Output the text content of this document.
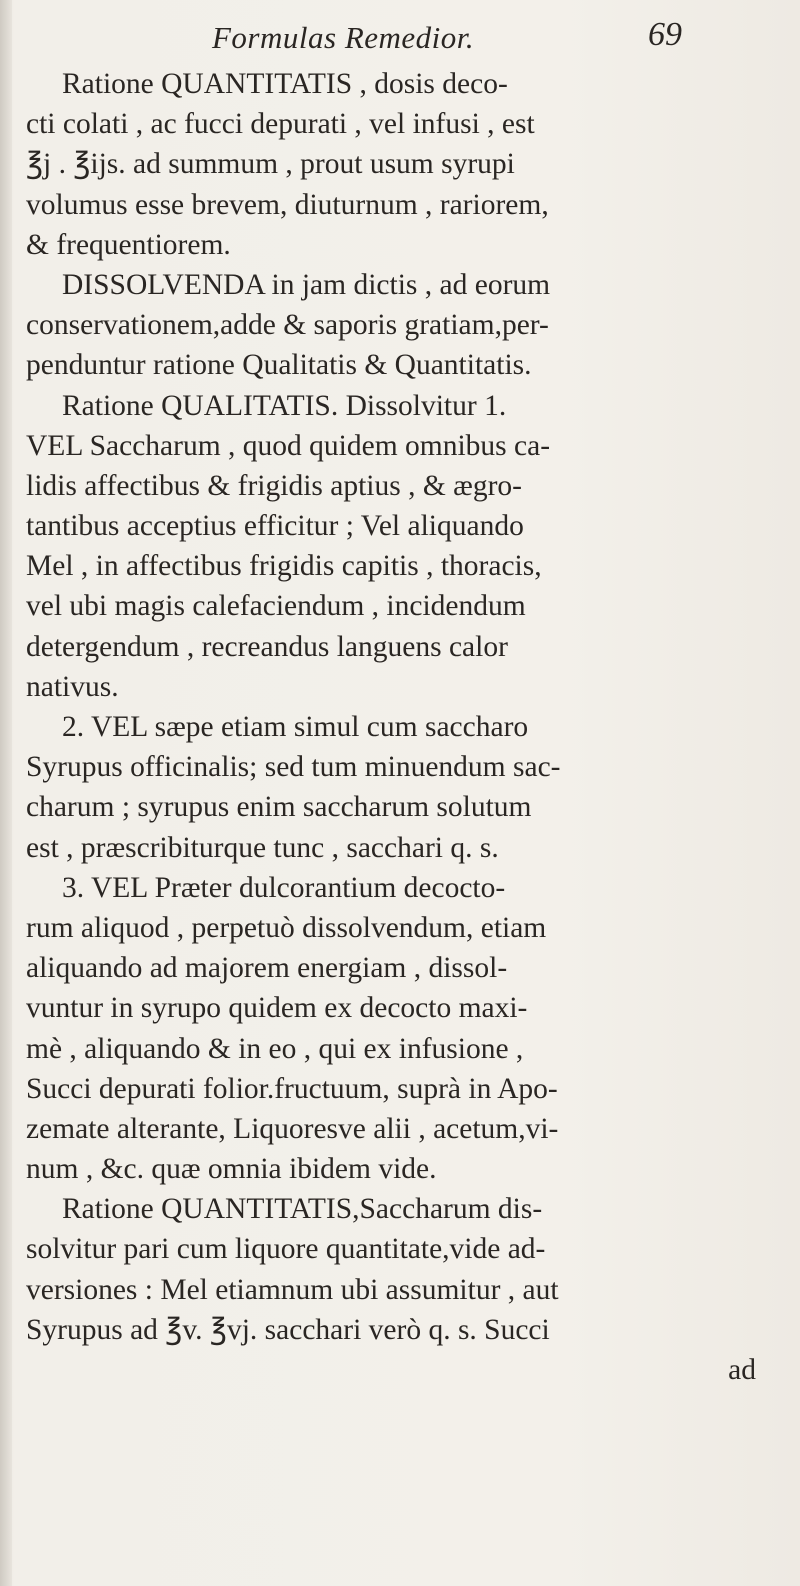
Formulas Remedior.	69
Ratione QUANTITATIS , dosis deco-
cti colati , ac fucci depurati , vel infusi , est
℥j . ℥ijs. ad summum , prout usum syrupi
volumus esse brevem, diuturnum , rariorem,
& frequentiorem.
DISSOLVENDA in jam dictis , ad eorum
conservationem,adde & saporis gratiam,per-
penduntur ratione Qualitatis & Quantitatis.
Ratione QUALITATIS. Dissolvitur 1.
VEL Saccharum , quod quidem omnibus ca-
lidis affectibus & frigidis aptius , & ægro-
tantibus acceptius efficitur ; Vel aliquando
Mel , in affectibus frigidis capitis , thoracis,
vel ubi magis calefaciendum , incidendum
detergendum , recreandus languens calor
nativus.
2. VEL sæpe etiam simul cum saccharo
Syrupus officinalis; sed tum minuendum sac-
charum ; syrupus enim saccharum solutum
est , præscribiturque tunc , sacchari q. s.
3. VEL Præter dulcorantium decocto-
rum aliquod , perpetuò dissolvendum, etiam
aliquando ad majorem energiam , dissol-
vuntur in syrupo quidem ex decocto maxi-
mè , aliquando & in eo , qui ex infusione ,
Succi depurati folior.fructuum, suprà in Apo-
zemate alterante, Liquoresve alii , acetum,vi-
num , &c. quæ omnia ibidem vide.
Ratione QUANTITATIS,Saccharum dis-
solvitur pari cum liquore quantitate,vide ad-
versiones : Mel etiamnum ubi assumitur , aut
Syrupus ad ℥v. ℥vj. sacchari verò q. s. Succi
ad
